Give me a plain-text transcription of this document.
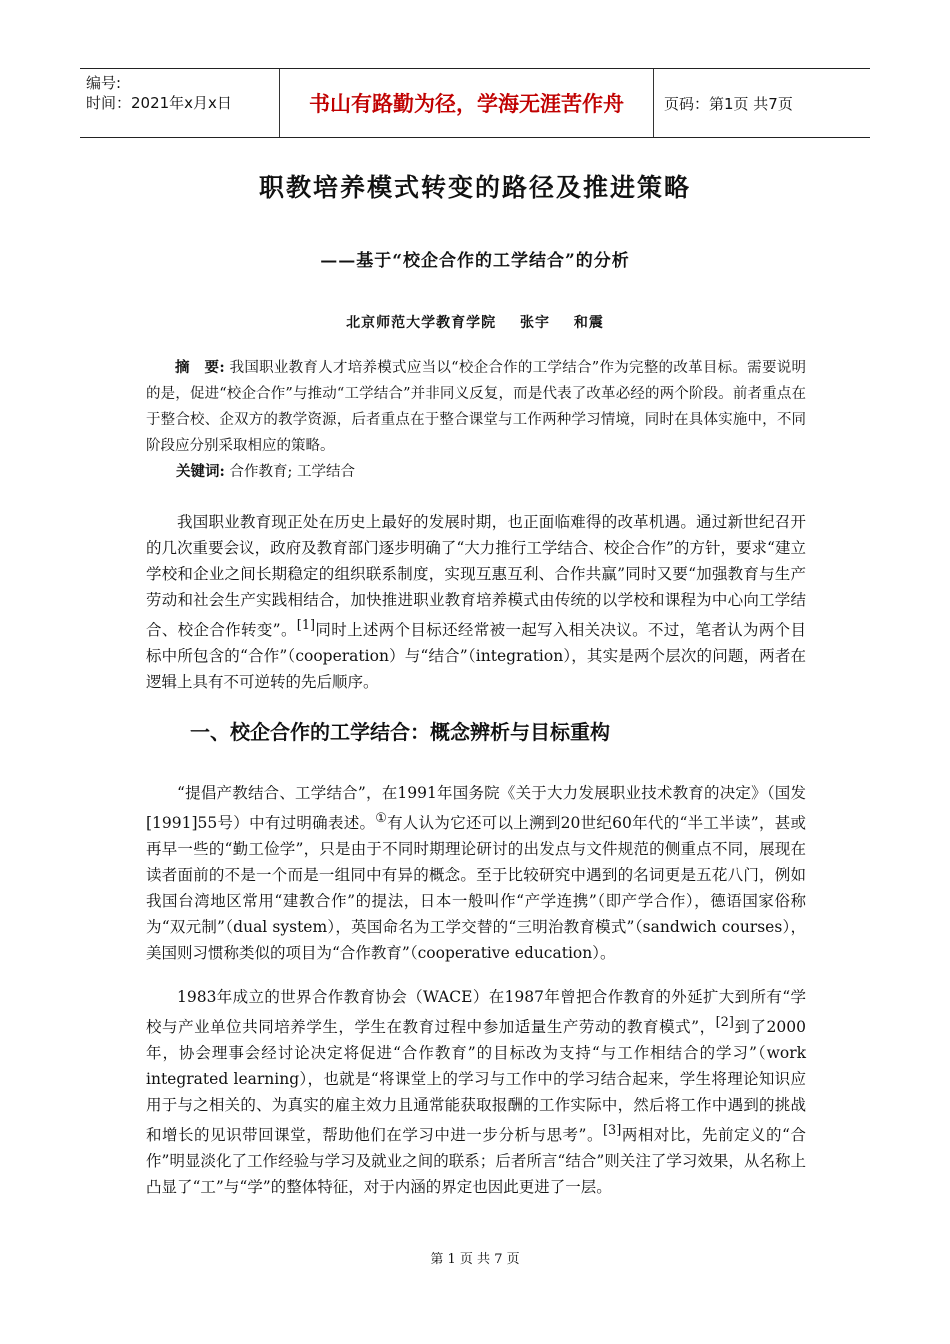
编号:
时间：2021年x月x日	书山有路勤为径，学海无涯苦作舟	页码：第1页 共7页
职教培养模式转变的路径及推进策略
——基于“校企合作的工学结合”的分析
北京师范大学教育学院 张宇 和震
摘　要: 我国职业教育人才培养模式应当以“校企合作的工学结合”作为完整的改革目标。需要说明的是，促进“校企合作”与推动“工学结合”并非同义反复，而是代表了改革必经的两个阶段。前者重点在于整合校、企双方的教学资源，后者重点在于整合课堂与工作两种学习情境，同时在具体实施中，不同阶段应分别采取相应的策略。
关键词: 合作教育; 工学结合
我国职业教育现正处在历史上最好的发展时期，也正面临难得的改革机遇。通过新世纪召开的几次重要会议，政府及教育部门逐步明确了“大力推行工学结合、校企合作”的方针，要求“建立学校和企业之间长期稳定的组织联系制度，实现互惠互利、合作共赢”同时又要“加强教育与生产劳动和社会生产实践相结合，加快推进职业教育培养模式由传统的以学校和课程为中心向工学结合、校企合作转变”。[1]同时上述两个目标还经常被一起写入相关决议。不过，笔者认为两个目标中所包含的“合作”（cooperation）与“结合”（integration），其实是两个层次的问题，两者在逻辑上具有不可逆转的先后顺序。
一、校企合作的工学结合：概念辨析与目标重构
“提倡产教结合、工学结合”，在1991年国务院《关于大力发展职业技术教育的决定》（国发[1991]55号）中有过明确表述。①有人认为它还可以上溯到20世纪60年代的“半工半读”，甚或再早一些的“勤工俭学”，只是由于不同时期理论研讨的出发点与文件规范的侧重点不同，展现在读者面前的不是一个而是一组同中有异的概念。至于比较研究中遇到的名词更是五花八门，例如我国台湾地区常用“建教合作”的提法，日本一般叫作“产学连携”（即产学合作），德语国家俗称为“双元制”（dual system），英国命名为工学交替的“三明治教育模式”（sandwich courses），美国则习惯称类似的项目为“合作教育”（cooperative education）。
1983年成立的世界合作教育协会（WACE）在1987年曾把合作教育的外延扩大到所有“学校与产业单位共同培养学生，学生在教育过程中参加适量生产劳动的教育模式”，[2]到了2000年，协会理事会经讨论决定将促进“合作教育”的目标改为支持“与工作相结合的学习”（work integrated learning），也就是“将课堂上的学习与工作中的学习结合起来，学生将理论知识应用于与之相关的、为真实的雇主效力且通常能获取报酬的工作实际中，然后将工作中遇到的挑战和增长的见识带回课堂，帮助他们在学习中进一步分析与思考”。[3]两相对比，先前定义的“合作”明显淡化了工作经验与学习及就业之间的联系；后者所言“结合”则关注了学习效果，从名称上凸显了“工”与“学”的整体特征，对于内涵的界定也因此更进了一层。
第 1 页 共 7 页
